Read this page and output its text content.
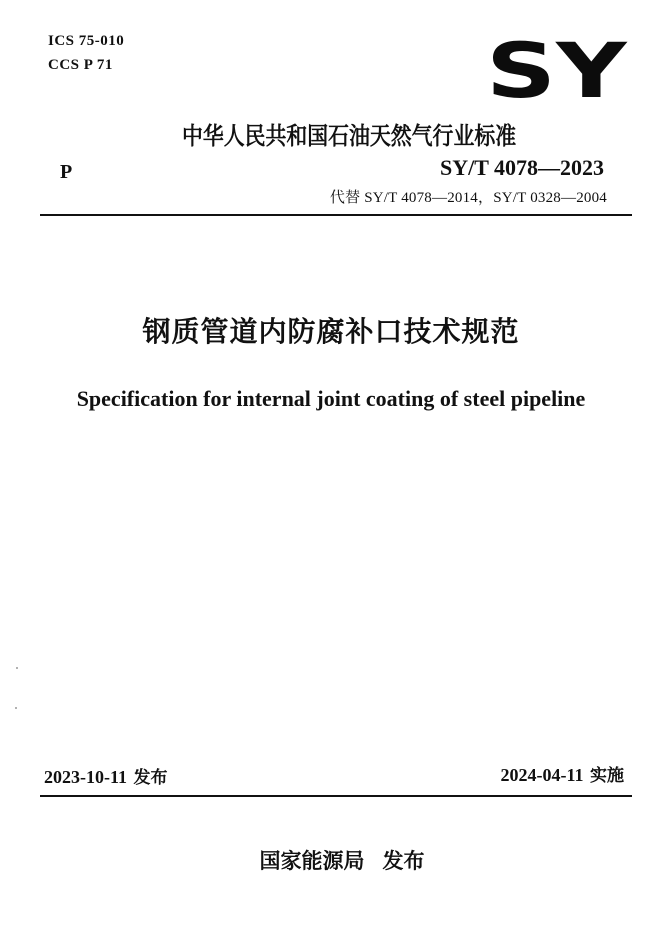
ICS 75-010
CCS P 71	SY
中华人民共和国石油天然气行业标准
P	SY/T 4078—2023
代替 SY/T 4078—2014，SY/T 0328—2004
钢质管道内防腐补口技术规范
Specification for internal joint coating of steel pipeline
2023-10-11 发布	2024-04-11 实施
国家能源局 发布
